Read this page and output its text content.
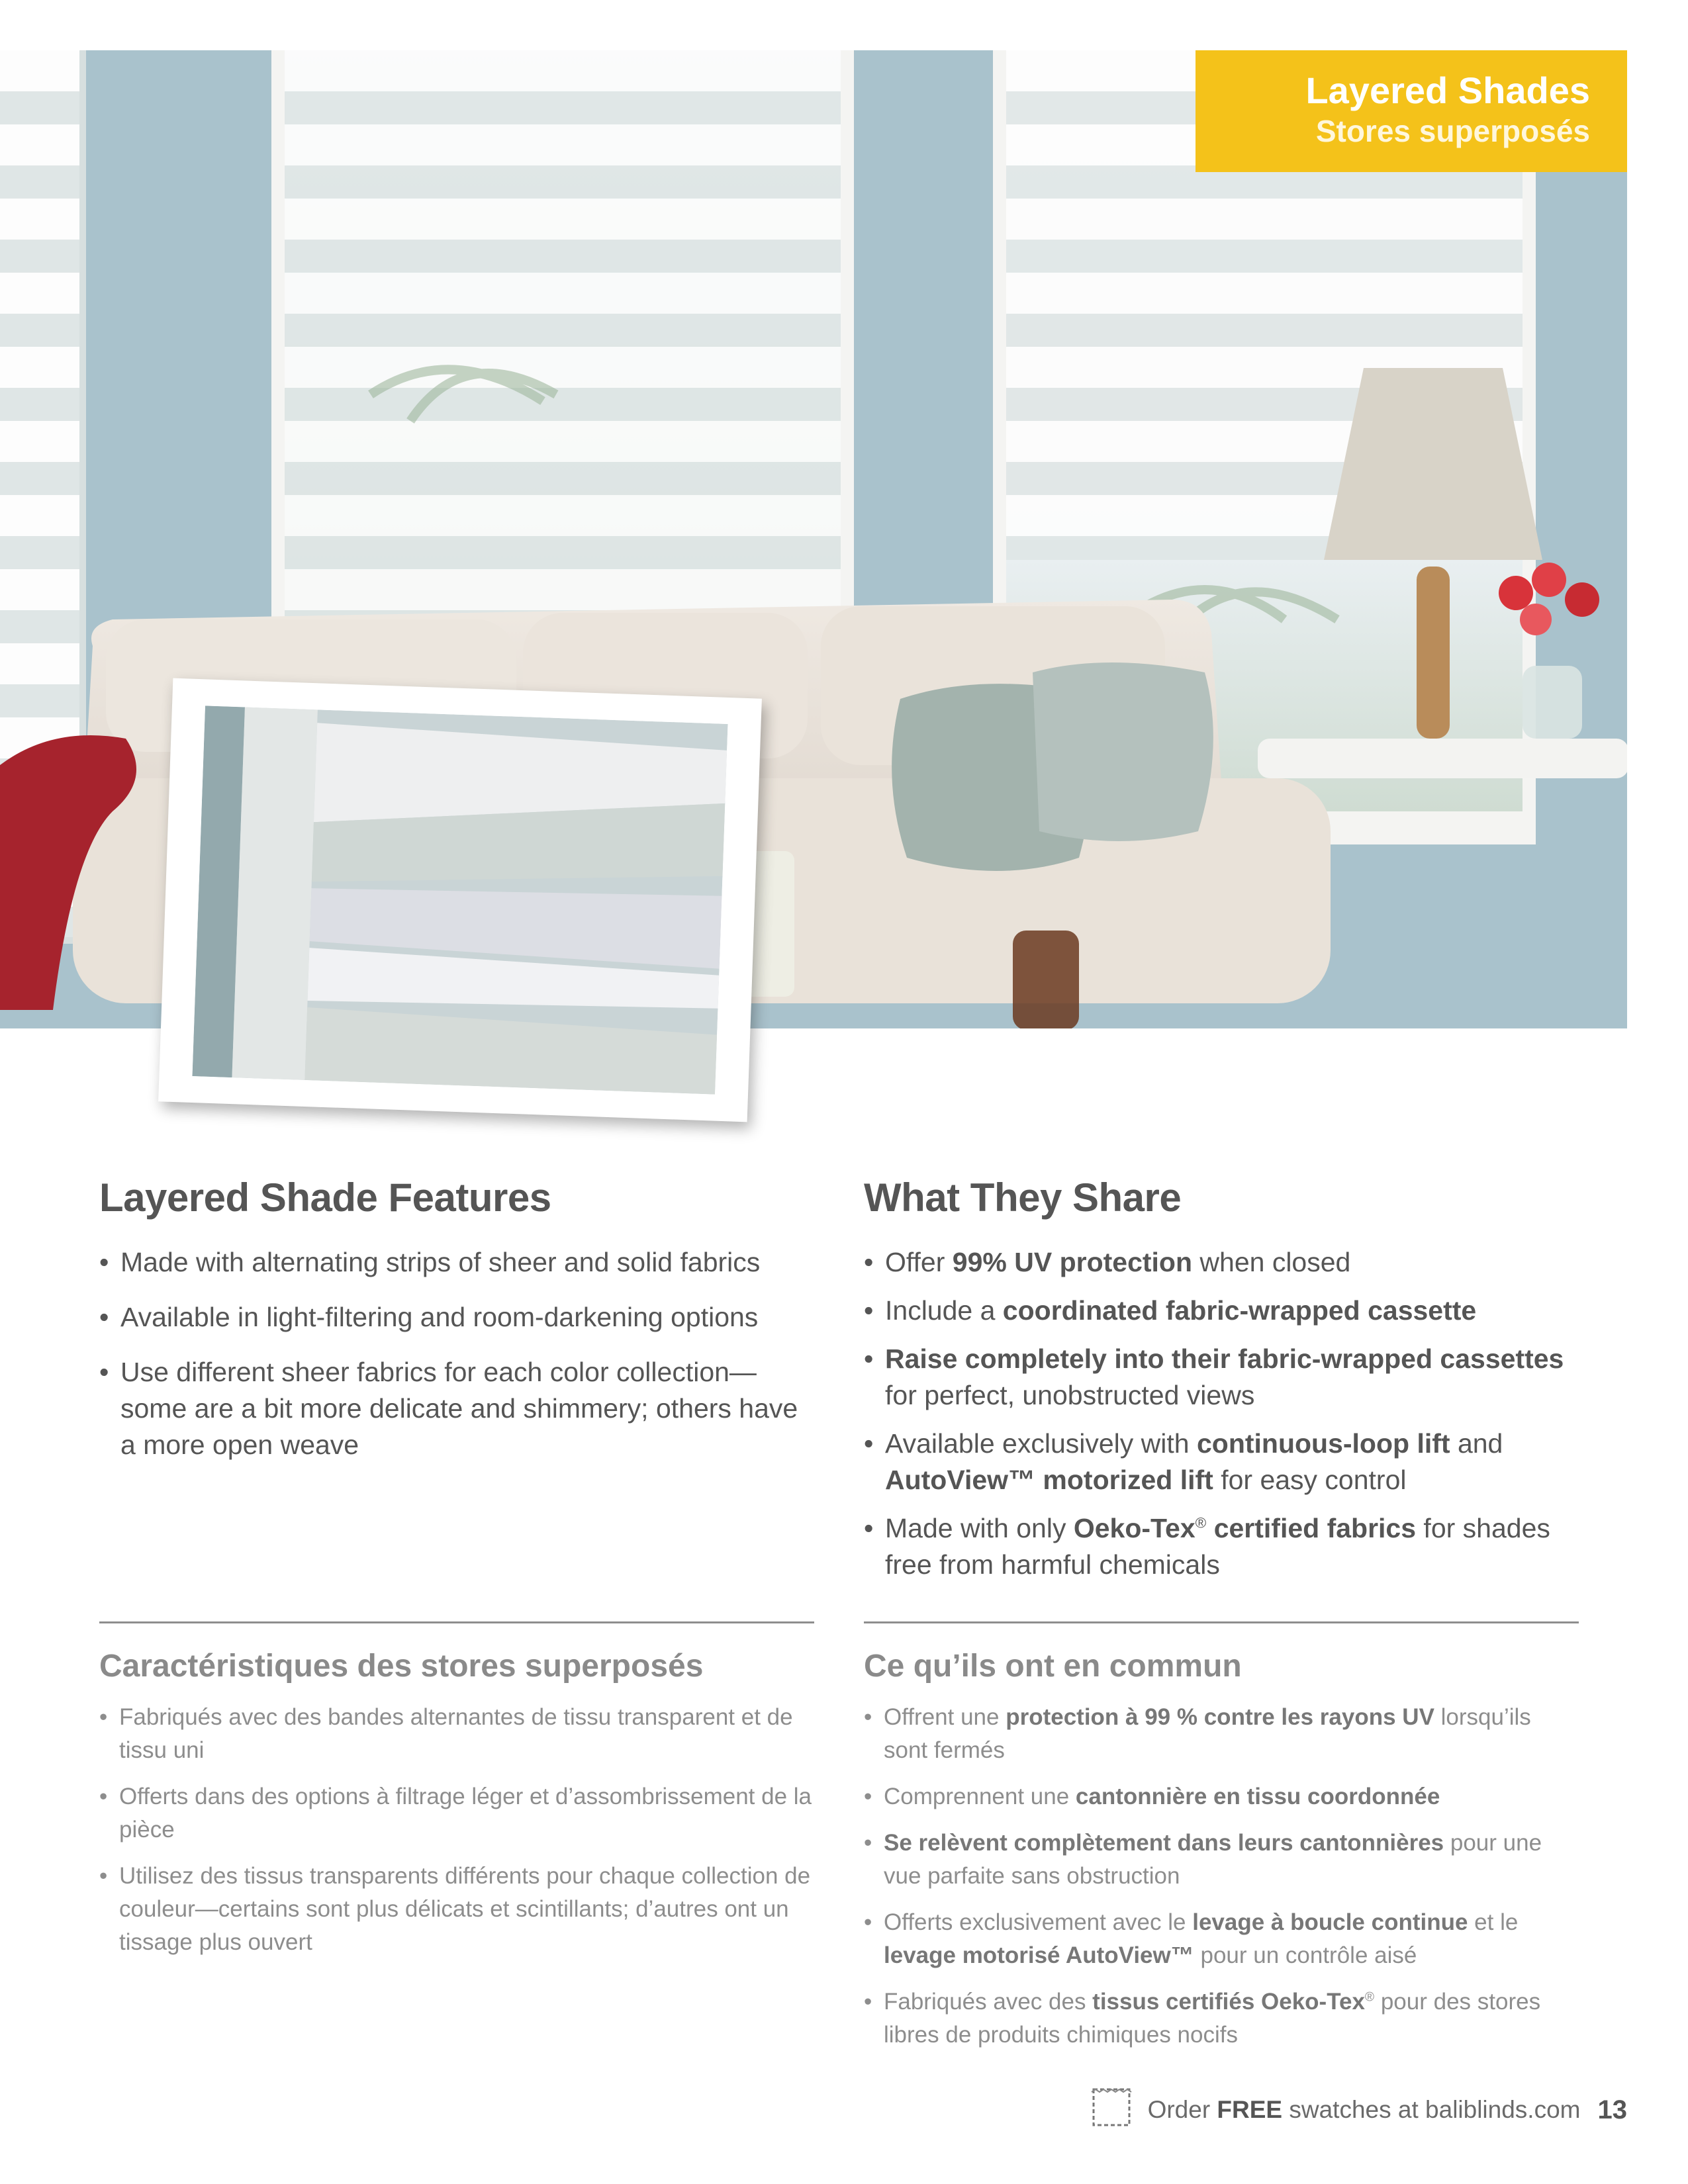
Layered Shades
Stores superposés
Layered Shade Features
• Made with alternating strips of sheer and solid fabrics
• Available in light-filtering and room-darkening options
• Use different sheer fabrics for each color collection—some are a bit more delicate and shimmery; others have a more open weave
Caractéristiques des stores superposés
• Fabriqués avec des bandes alternantes de tissu transparent et de tissu uni
• Offerts dans des options à filtrage léger et d’assombrissement de la pièce
• Utilisez des tissus transparents différents pour chaque collection de couleur—certains sont plus délicats et scintillants; d’autres ont un tissage plus ouvert
What They Share
• Offer 99% UV protection when closed
• Include a coordinated fabric-wrapped cassette
• Raise completely into their fabric-wrapped cassettes for perfect, unobstructed views
• Available exclusively with continuous-loop lift and AutoView™ motorized lift for easy control
• Made with only Oeko-Tex® certified fabrics for shades free from harmful chemicals
Ce qu’ils ont en commun
• Offrent une protection à 99 % contre les rayons UV lorsqu’ils sont fermés
• Comprennent une cantonnière en tissu coordonnée
• Se relèvent complètement dans leurs cantonnières pour une vue parfaite sans obstruction
• Offerts exclusivement avec le levage à boucle continue et le levage motorisé AutoView™ pour un contrôle aisé
• Fabriqués avec des tissus certifiés Oeko-Tex® pour des stores libres de produits chimiques nocifs
Order FREE swatches at baliblinds.com 13
